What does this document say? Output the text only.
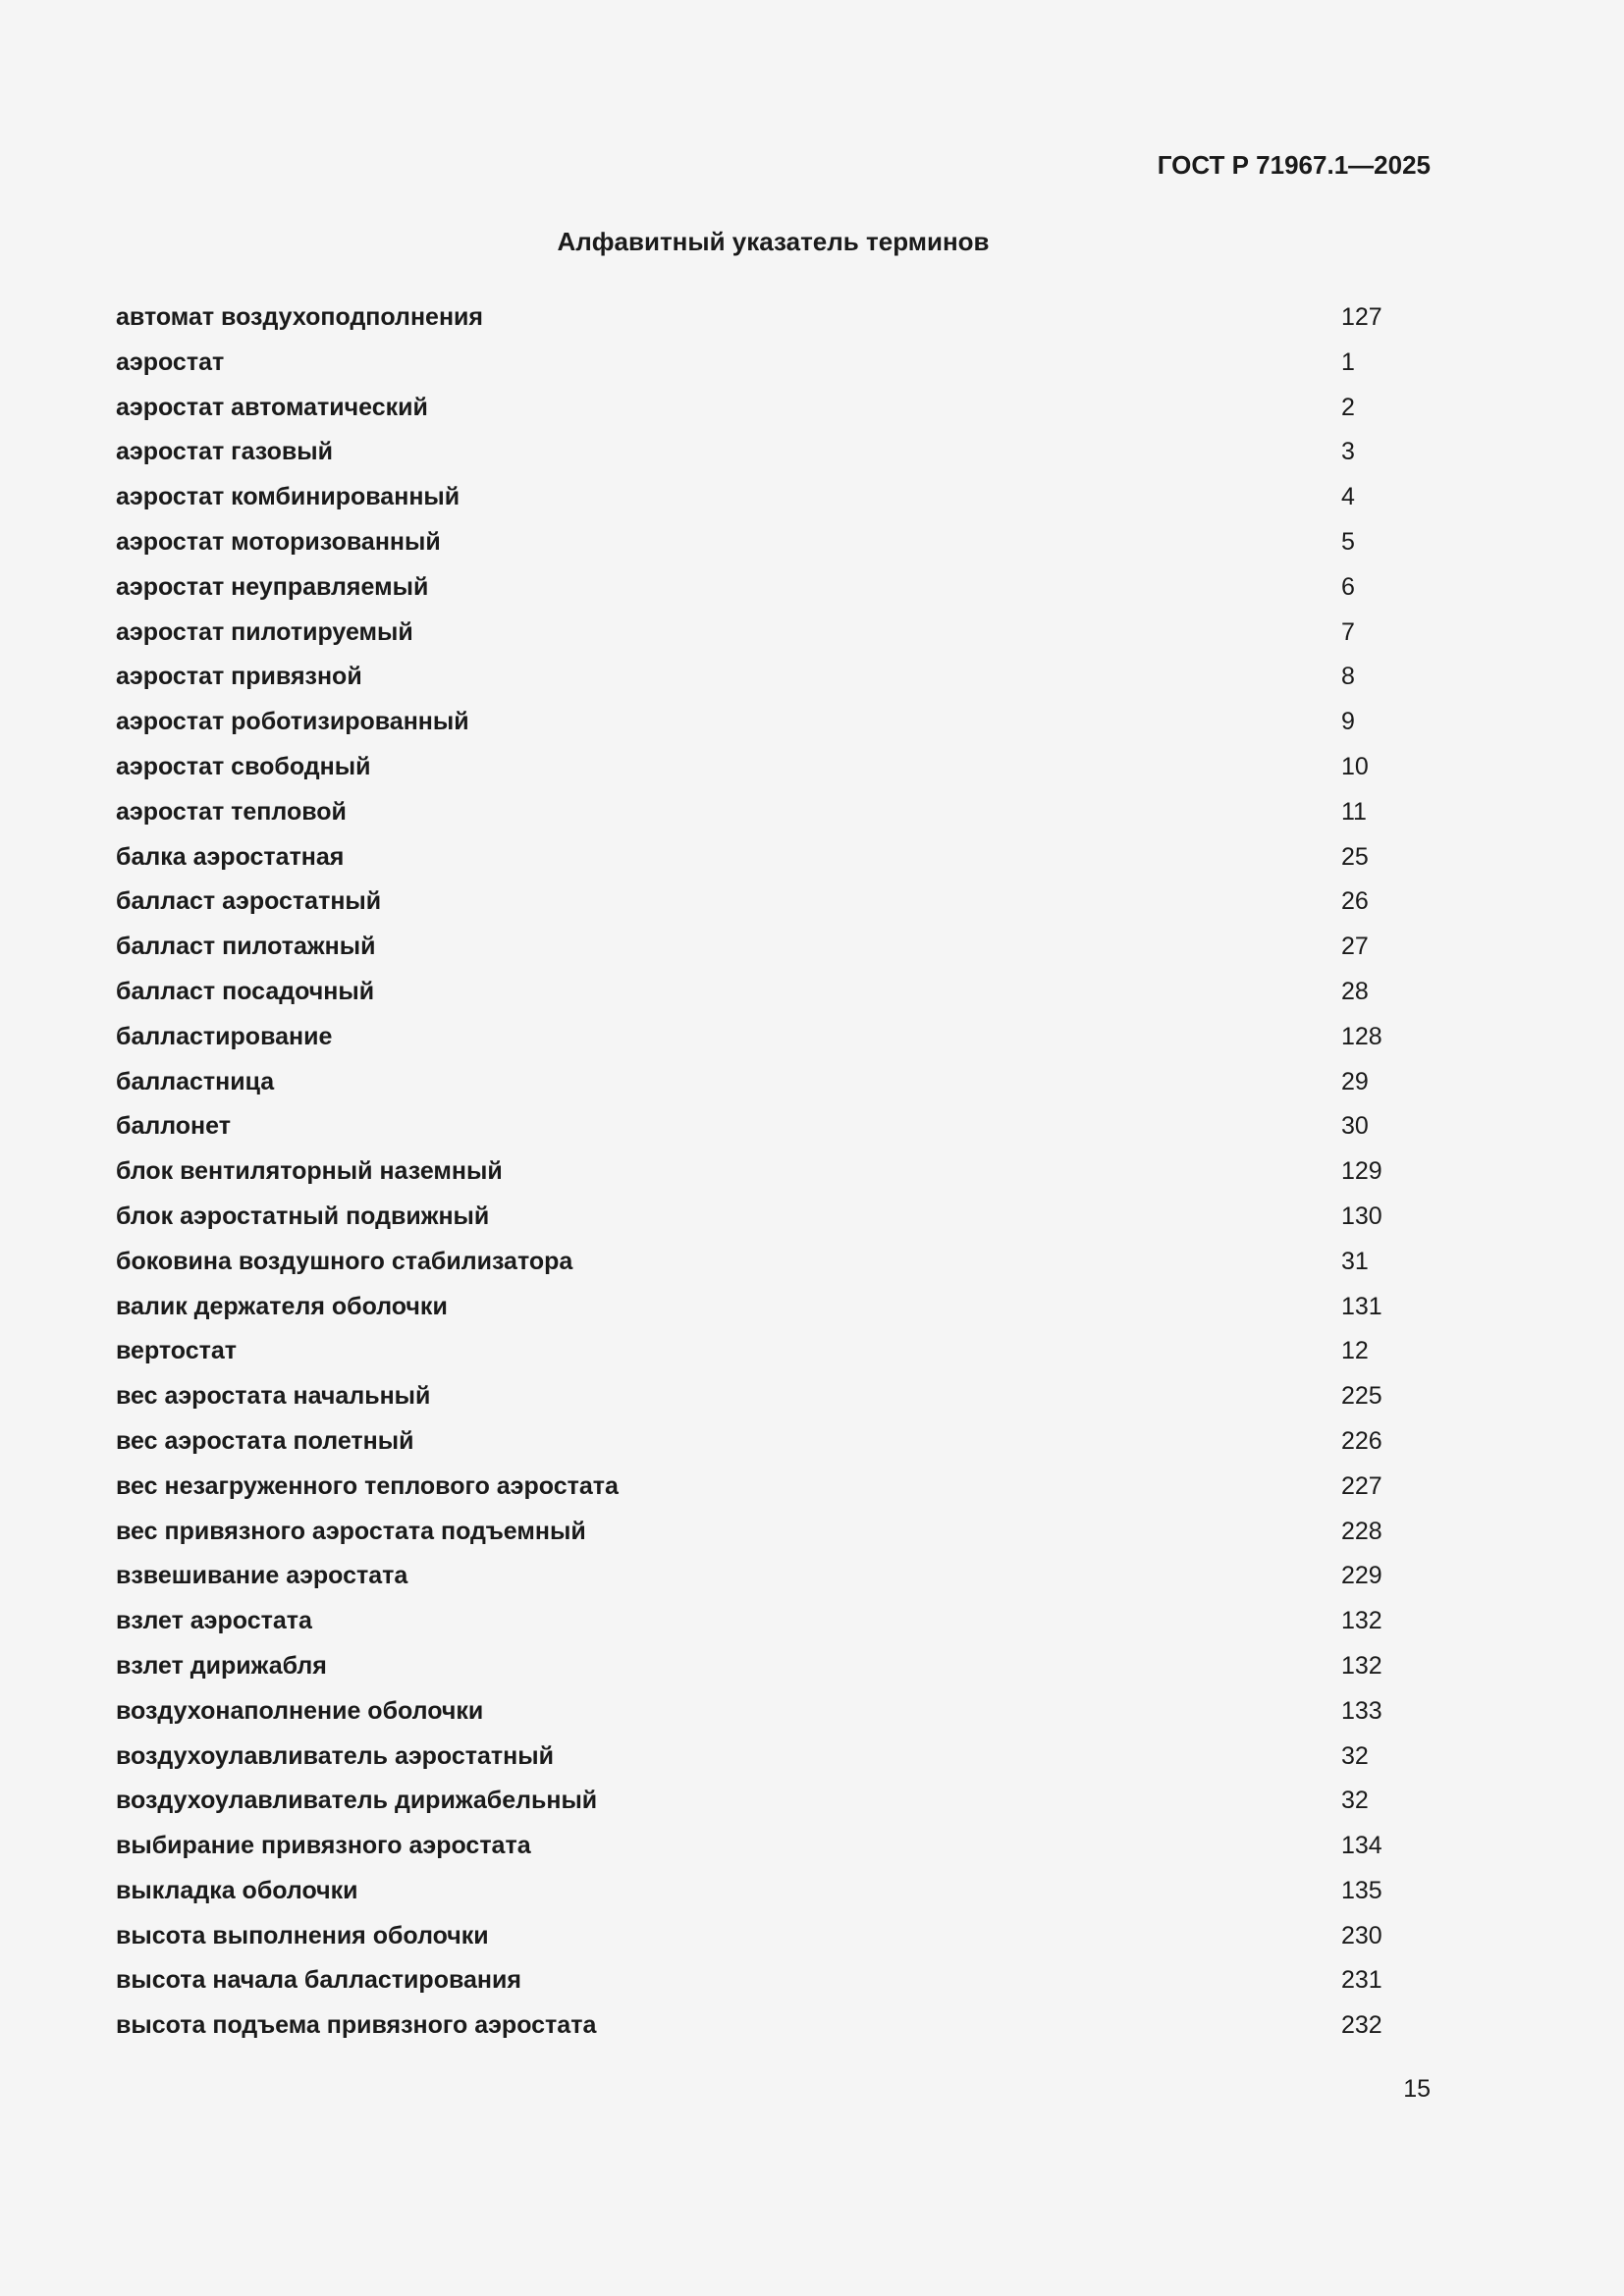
ГОСТ Р 71967.1—2025
Алфавитный указатель терминов
автомат воздухоподполнения	127
аэростат	1
аэростат автоматический	2
аэростат газовый	3
аэростат комбинированный	4
аэростат моторизованный	5
аэростат неуправляемый	6
аэростат пилотируемый	7
аэростат привязной	8
аэростат роботизированный	9
аэростат свободный	10
аэростат тепловой	11
балка аэростатная	25
балласт аэростатный	26
балласт пилотажный	27
балласт посадочный	28
балластирование	128
балластница	29
баллонет	30
блок вентиляторный наземный	129
блок аэростатный подвижный	130
боковина воздушного стабилизатора	31
валик держателя оболочки	131
вертостат	12
вес аэростата начальный	225
вес аэростата полетный	226
вес незагруженного теплового аэростата	227
вес привязного аэростата подъемный	228
взвешивание аэростата	229
взлет аэростата	132
взлет дирижабля	132
воздухонаполнение оболочки	133
воздухоулавливатель аэростатный	32
воздухоулавливатель дирижабельный	32
выбирание привязного аэростата	134
выкладка оболочки	135
высота выполнения оболочки	230
высота начала балластирования	231
высота подъема привязного аэростата	232
15
